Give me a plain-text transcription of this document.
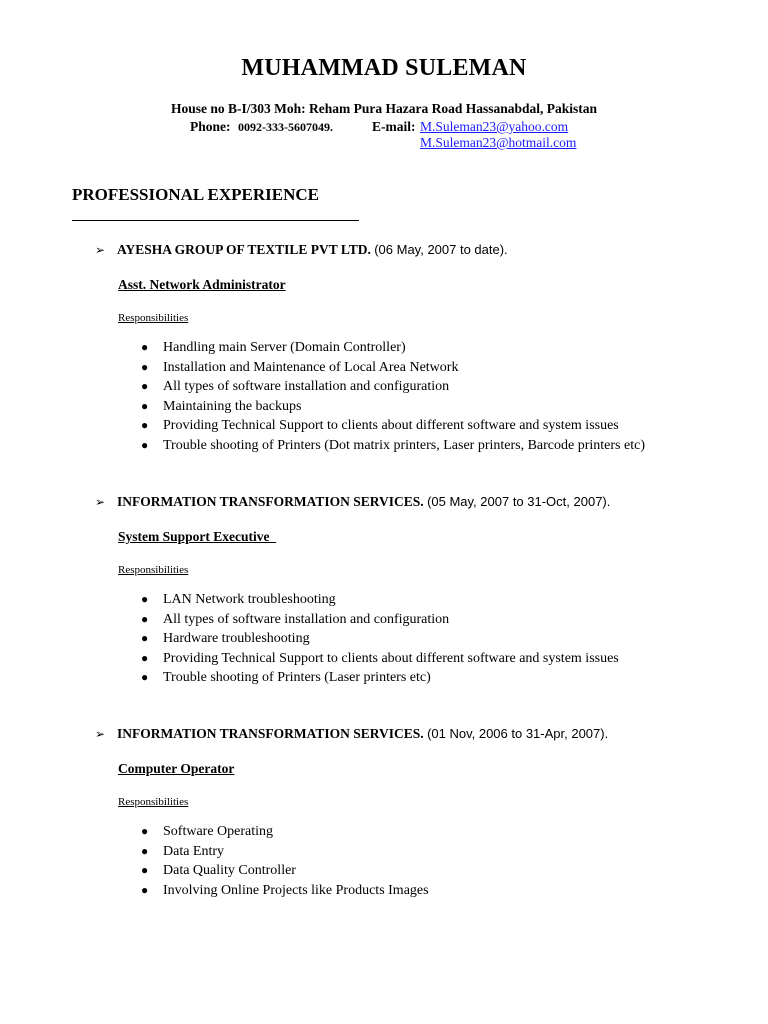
MUHAMMAD SULEMAN
House no B-I/303 Moh: Reham Pura Hazara Road Hassanabdal, Pakistan
Phone: 0092-333-5607049.	E-mail: M.Suleman23@yahoo.com
M.Suleman23@hotmail.com
PROFESSIONAL EXPERIENCE
➢ AYESHA GROUP OF TEXTILE PVT LTD. (06 May, 2007 to date).
Asst. Network Administrator
Responsibilities
● Handling main Server (Domain Controller)
● Installation and Maintenance of Local Area Network
● All types of software installation and configuration
● Maintaining the backups
● Providing Technical Support to clients about different software and system issues
● Trouble shooting of Printers (Dot matrix printers, Laser printers, Barcode printers etc)
➢ INFORMATION TRANSFORMATION SERVICES. (05 May, 2007 to 31-Oct, 2007).
System Support Executive
Responsibilities
● LAN Network troubleshooting
● All types of software installation and configuration
● Hardware troubleshooting
● Providing Technical Support to clients about different software and system issues
● Trouble shooting of Printers (Laser printers etc)
➢ INFORMATION TRANSFORMATION SERVICES. (01 Nov, 2006 to 31-Apr, 2007).
Computer Operator
Responsibilities
● Software Operating
● Data Entry
● Data Quality Controller
● Involving Online Projects like Products Images
